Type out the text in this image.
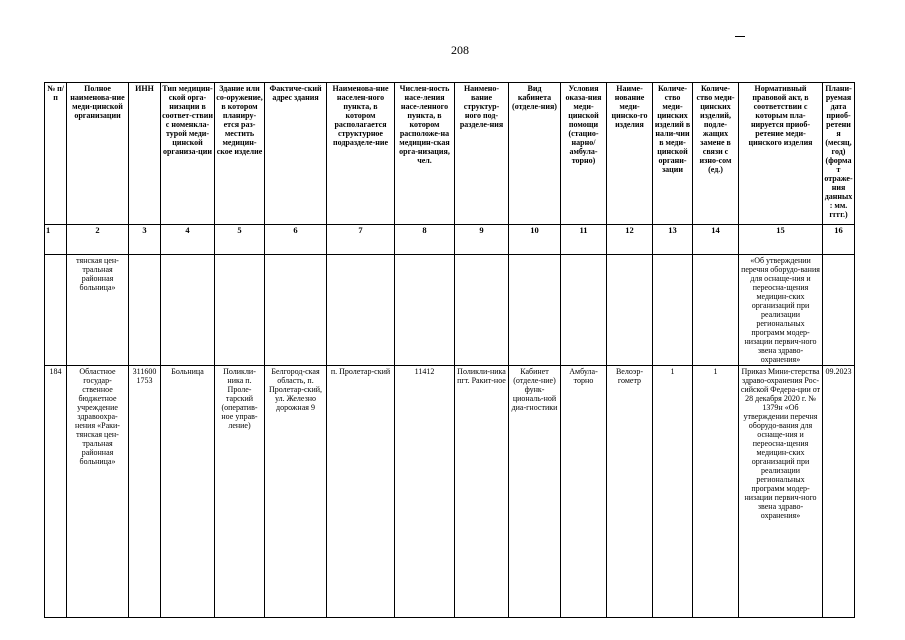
208
№ п/п	Полное наименова-ние меди-цинской организации	ИНН	Тип медицин-ской орга-низации в соответ-ствии с номенкла-турой меди-цинской организа-ции	Здание или со-оружение, в котором планиру-ется раз-местить медицин-ское изделие	Фактиче-ский адрес здания	Наименова-ние населен-ного пункта, в котором располагается структурное подразделе-ние	Числен-ность насе-ления насе-ленного пункта, в котором расположе-на медицин-ская орга-низация, чел.	Наимено-вание структур-ного под-разделе-ния	Вид кабинета (отделе-ния)	Условия оказа-ния меди-цинской помощи (стацио-нарно/ амбула-торно)	Наиме-нование меди-цинско-го изделия	Количе-ство меди-цинских изделий в нали-чии в меди-цинской органи-зации	Количе-ство меди-цинских изделий, подле-жащих замене в связи с изно-сом (ед.)	Нормативный правовой акт, в соответствии с которым пла-нируется приоб-ретение меди-цинского изделия	Плани-руемая дата приоб-ретения (месяц, год) (формат отраже-ния данных: мм. гггг.)
1	2	3	4	5	6	7	8	9	10	11	12	13	14	15	16
	тянская цен-тральная районная больница»													«Об утверждении перечня оборудо-вания для оснаще-ния и переосна-щения медицин-ских организаций при реализации региональных программ модер-низации первич-ного звена здраво-охранения»	
184	Областное государ-ственное бюджетное учреждение здравоохра-нения «Раки-тянская цен-тральная районная больница»	311600 1753	Больница	Поликли-ника п. Проле-тарский (оператив-ное управ-ление)	Белгород-ская область, п. Пролетар-ский, ул. Железно дорожная 9	п. Пролетар-ский	11412	Поликли-ника пгт. Ракит-ное	Кабинет (отделе-ние) функ-циональ-ной диа-гностики	Амбула-торно	Велоэр-гометр	1	1	Приказ Мини-стерства здраво-охранения Рос-сийской Федера-ции от 28 декабря 2020 г. № 1379н «Об утверждении перечня оборудо-вания для оснаще-ния и переосна-щения медицин-ских организаций при реализации региональных программ модер-низации первич-ного звена здраво-охранения»	09.2023
